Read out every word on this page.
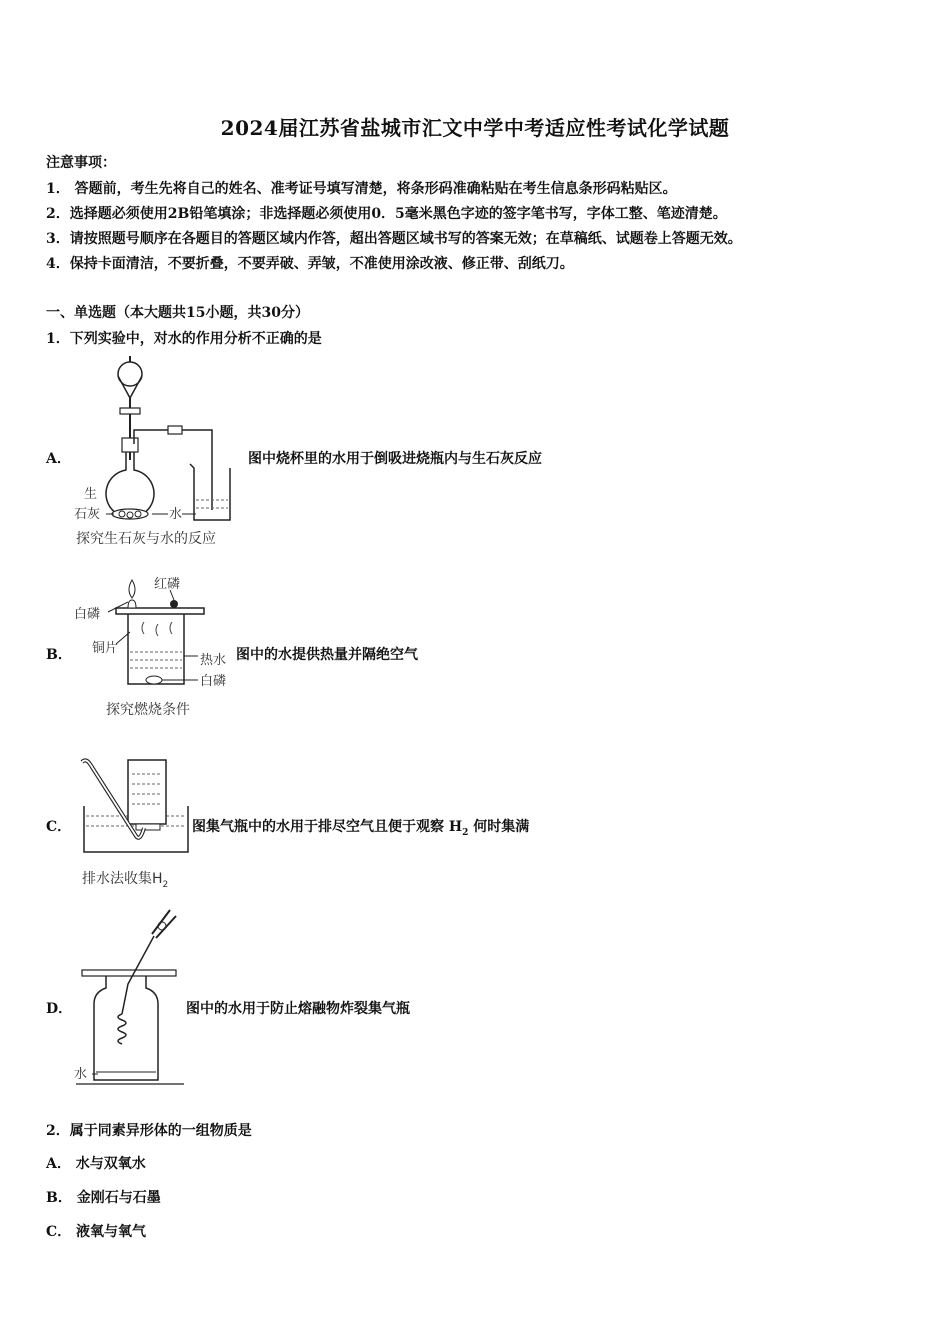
2024届江苏省盐城市汇文中学中考适应性考试化学试题
注意事项：
1． 答题前，考生先将自己的姓名、准考证号填写清楚，将条形码准确粘贴在考生信息条形码粘贴区。
2．选择题必须使用2B铅笔填涂；非选择题必须使用0．5毫米黑色字迹的签字笔书写，字体工整、笔迹清楚。
3．请按照题号顺序在各题目的答题区域内作答，超出答题区域书写的答案无效；在草稿纸、试题卷上答题无效。
4．保持卡面清洁，不要折叠，不要弄破、弄皱，不准使用涂改液、修正带、刮纸刀。
一、单选题（本大题共15小题，共30分）
1．下列实验中，对水的作用分析不正确的是
A．
生
石灰	水
探究生石灰与水的反应
图中烧杯里的水用于倒吸进烧瓶内与生石灰反应
B．
红磷
白磷
铜片
热水
白磷
探究燃烧条件
图中的水提供热量并隔绝空气
C．
排水法收集$H_2$
图集气瓶中的水用于排尽空气且便于观察 $H_2$ 何时集满
D．
水
图中的水用于防止熔融物炸裂集气瓶
2．属于同素异形体的一组物质是
A． 水与双氧水
B． 金刚石与石墨
C． 液氧与氧气
